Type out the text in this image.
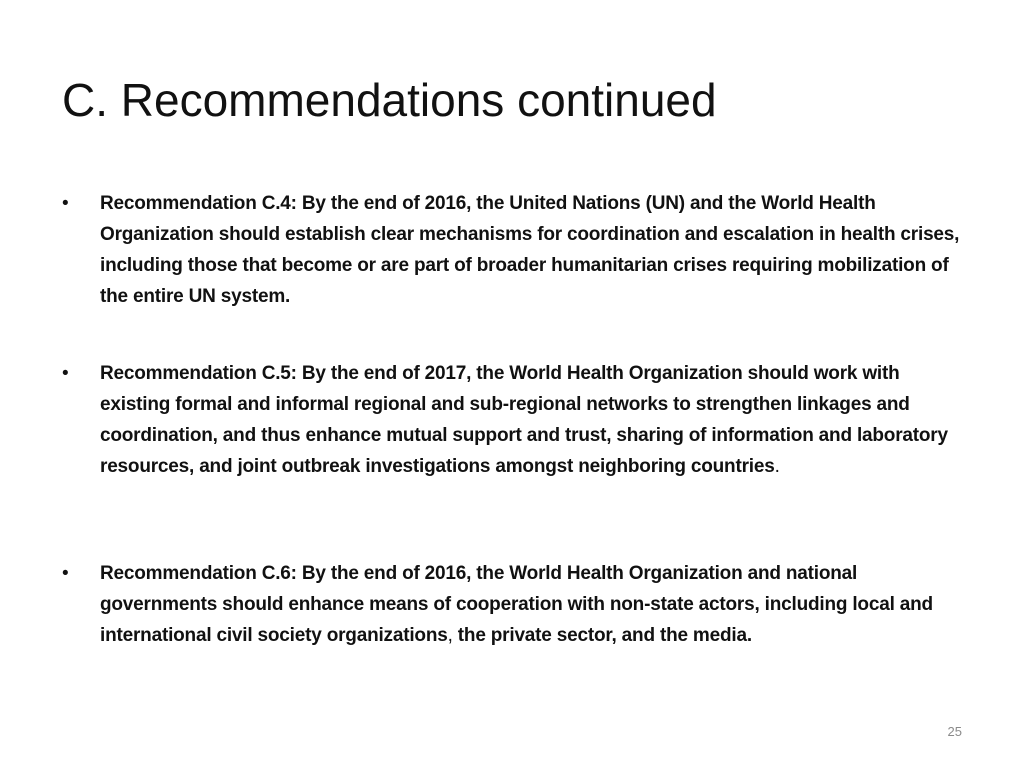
C. Recommendations continued
• Recommendation C.4: By the end of 2016, the United Nations (UN) and the World Health Organization should establish clear mechanisms for coordination and escalation in health crises, including those that become or are part of broader humanitarian crises requiring mobilization of the entire UN system.
• Recommendation C.5: By the end of 2017, the World Health Organization should work with existing formal and informal regional and sub-regional networks to strengthen linkages and coordination, and thus enhance mutual support and trust, sharing of information and laboratory resources, and joint outbreak investigations amongst neighboring countries.
• Recommendation C.6: By the end of 2016, the World Health Organization and national governments should enhance means of cooperation with non-state actors, including local and international civil society organizations, the private sector, and the media.
25
